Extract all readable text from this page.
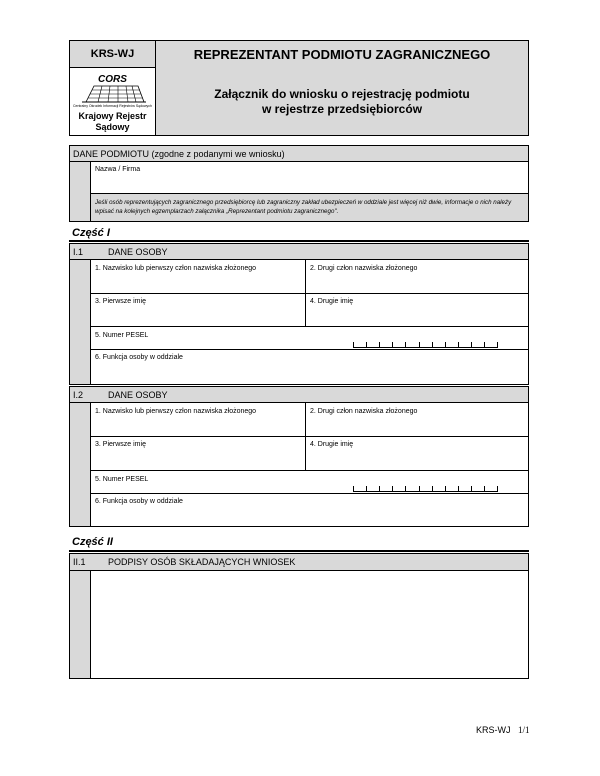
KRS-WJ	REPREZENTANT PODMIOTU ZAGRANICZNEGO
Załącznik do wniosku o rejestrację podmiotu
w rejestrze przedsiębiorców
CORS
Centralny Ośrodek Informacji Rejestrów Sądowych
Krajowy Rejestr
Sądowy
DANE PODMIOTU (zgodne z podanymi we wniosku)
Nazwa / Firma
Jeśli osób reprezentujących zagranicznego przedsiębiorcę lub zagraniczny zakład ubezpieczeń w oddziale jest więcej niż dwie, informacje o nich należy wpisać na kolejnych egzemplarzach załącznika „Reprezentant podmiotu zagranicznego".
Część I
I.1	DANE OSOBY
1. Nazwisko lub pierwszy człon nazwiska złożonego	2. Drugi człon nazwiska złożonego
3. Pierwsze imię	4. Drugie imię
5. Numer PESEL
6. Funkcja osoby w oddziale
I.2	DANE OSOBY
1. Nazwisko lub pierwszy człon nazwiska złożonego	2. Drugi człon nazwiska złożonego
3. Pierwsze imię	4. Drugie imię
5. Numer PESEL
6. Funkcja osoby w oddziale
Część II
II.1 PODPISY OSÓB SKŁADAJĄCYCH WNIOSEK
KRS-WJ 1/1
